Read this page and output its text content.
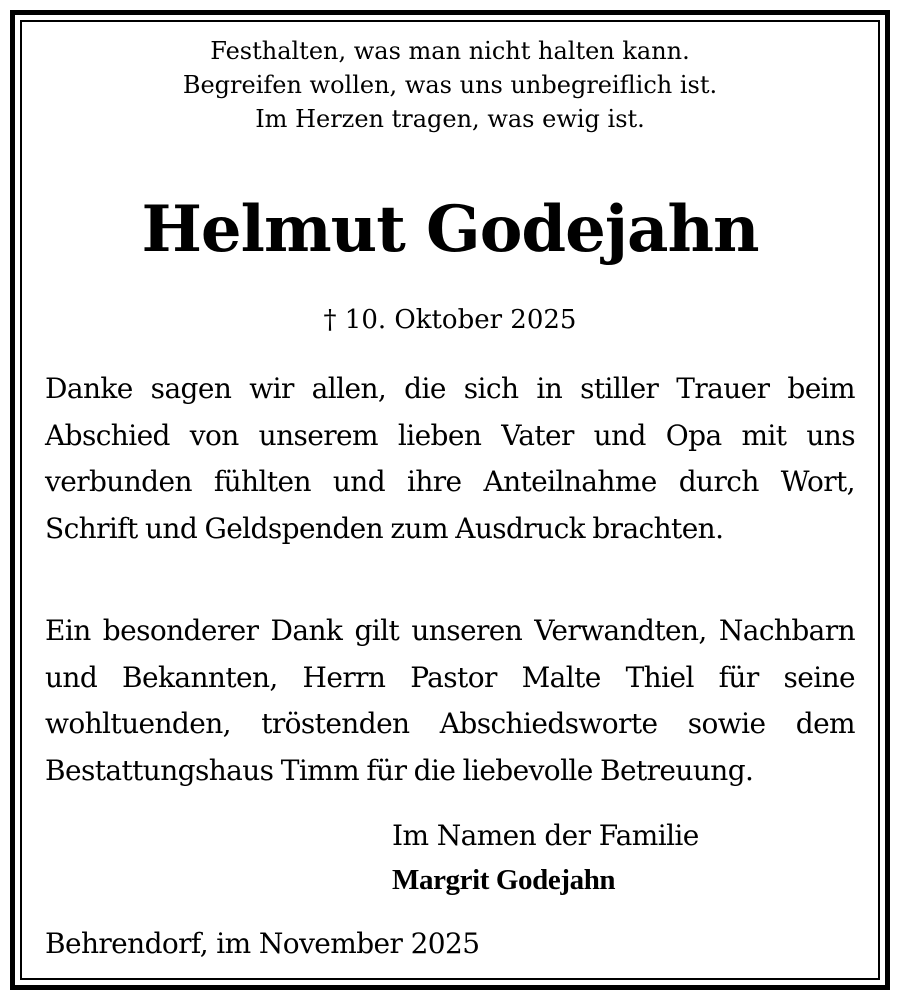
Festhalten, was man nicht halten kann.
Begreifen wollen, was uns unbegreiflich ist.
Im Herzen tragen, was ewig ist.
Helmut Godejahn
† 10. Oktober 2025
Danke sagen wir allen, die sich in stiller Trauer beim Abschied von unserem lieben Vater und Opa mit uns verbunden fühlten und ihre Anteilnahme durch Wort, Schrift und Geldspenden zum Ausdruck brachten.
Ein besonderer Dank gilt unseren Verwandten, Nachbarn und Bekannten, Herrn Pastor Malte Thiel für seine wohltuenden, tröstenden Abschiedsworte sowie dem Bestattungshaus Timm für die liebevolle Betreuung.
Im Namen der Familie
Margrit Godejahn
Behrendorf, im November 2025
